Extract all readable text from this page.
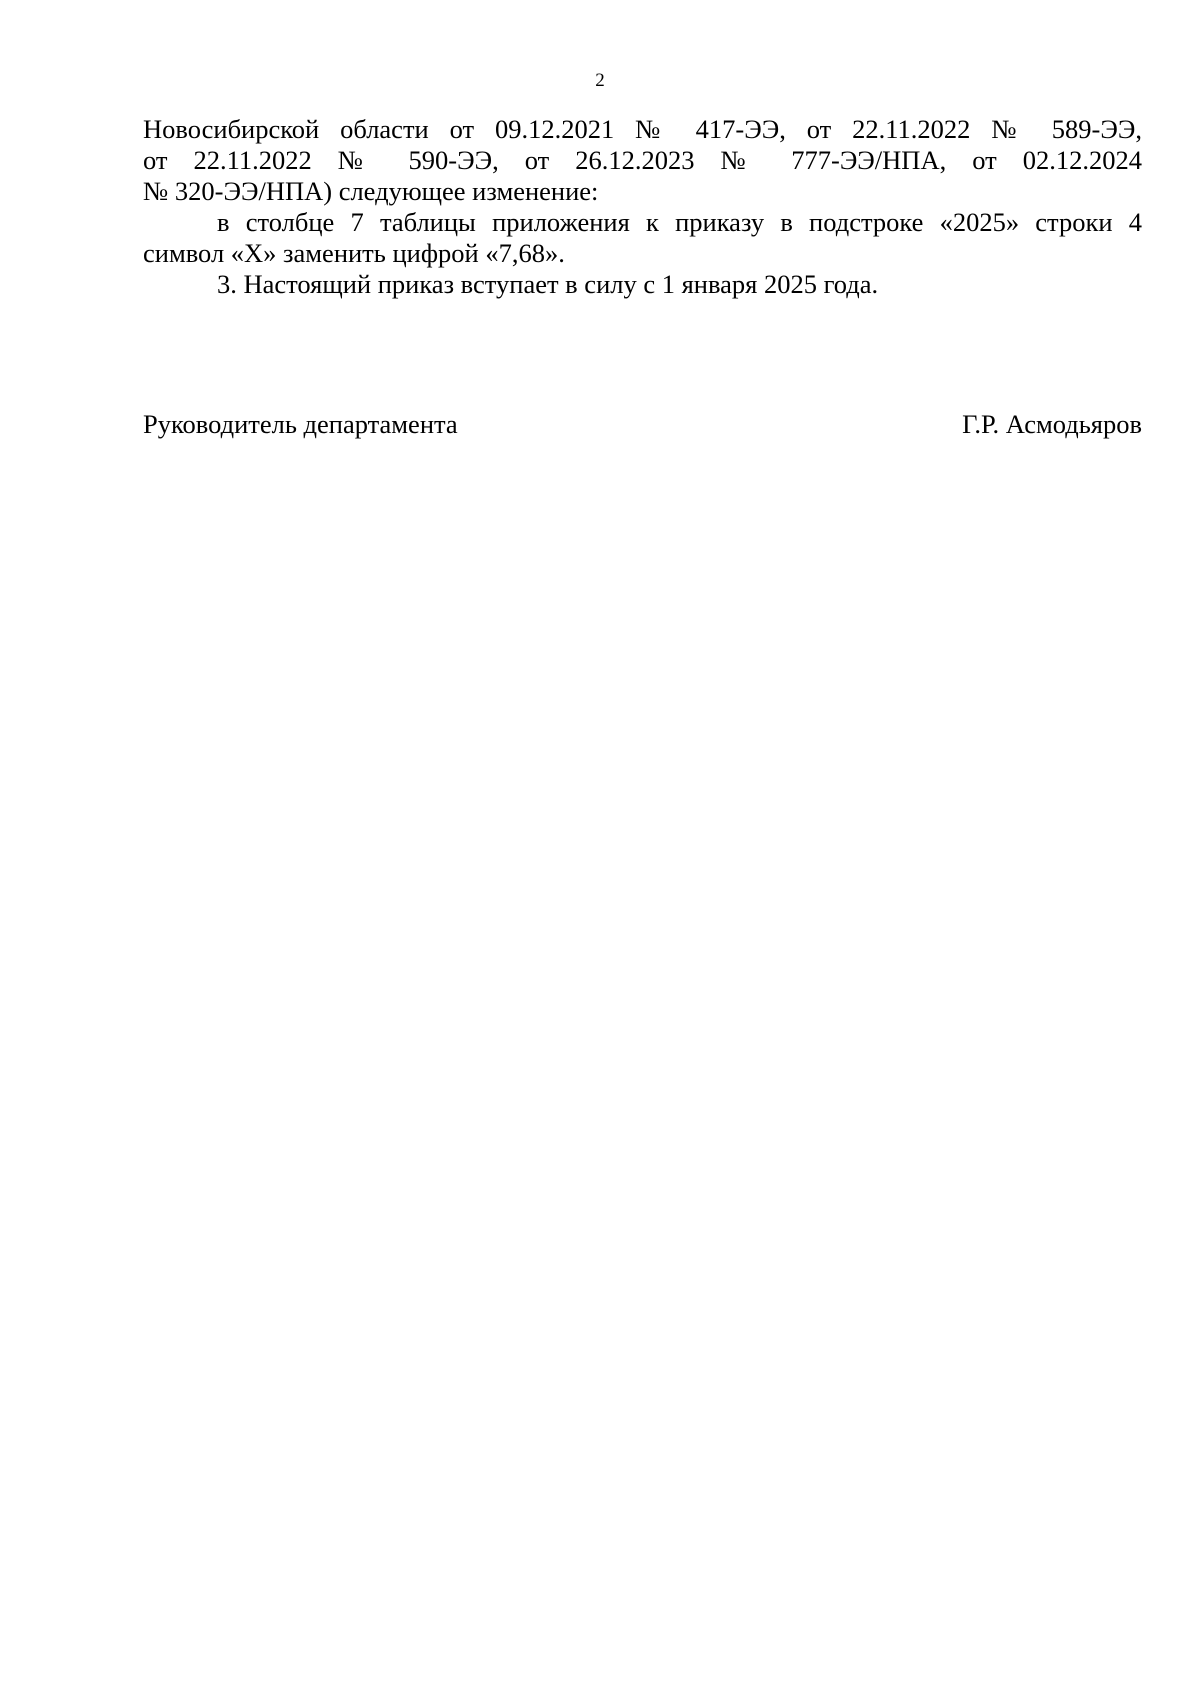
2
Новосибирской области от 09.12.2021 № 417-ЭЭ, от 22.11.2022 № 589-ЭЭ,
от 22.11.2022 № 590-ЭЭ, от 26.12.2023 № 777-ЭЭ/НПА, от 02.12.2024
№ 320-ЭЭ/НПА) следующее изменение:
в столбце 7 таблицы приложения к приказу в подстроке «2025» строки 4
символ «Х» заменить цифрой «7,68».
3. Настоящий приказ вступает в силу с 1 января 2025 года.
Руководитель департамента	Г.Р. Асмодьяров
